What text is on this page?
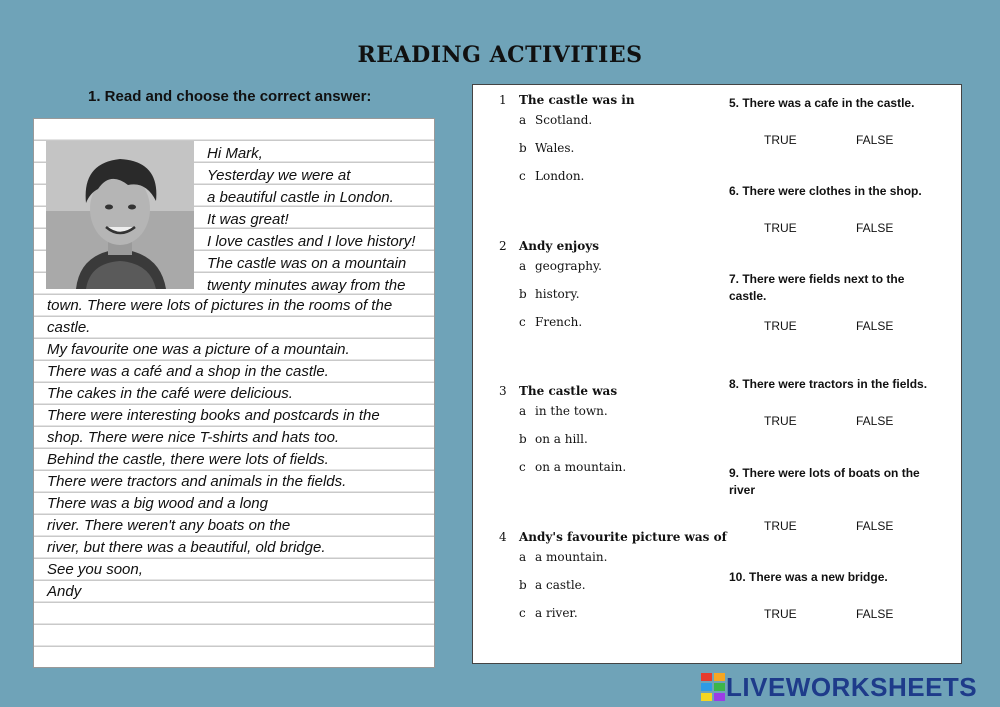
READING ACTIVITIES
1. Read and choose the correct answer:
Hi Mark,
Yesterday we were at
a beautiful castle in London.
It was great!
I love castles and I love history!
The castle was on a mountain
twenty minutes away from the
town. There were lots of pictures in the rooms of the
castle.
My favourite one was a picture of a mountain.
There was a café and a shop in the castle.
The cakes in the café were delicious.
There were interesting books and postcards in the
shop. There were nice T-shirts and hats too.
Behind the castle, there were lots of fields.
There were tractors and animals in the fields.
There was a big wood and a long
river. There weren't any boats on the
river, but there was a beautiful, old bridge.
See you soon,
Andy
1 The castle was in
a Scotland.
b Wales.
c London.
2 Andy enjoys
a geography.
b history.
c French.
3 The castle was
a in the town.
b on a hill.
c on a mountain.
4 Andy's favourite picture was of
a a mountain.
b a castle.
c a river.
5. There was a cafe in the castle.
TRUE	FALSE
6. There were clothes in the shop.
TRUE	FALSE
7. There were fields next to the castle.
TRUE	FALSE
8. There were tractors in the fields.
TRUE	FALSE
9. There were lots of boats on the river
TRUE	FALSE
10. There was a new bridge.
TRUE	FALSE
LIVEWORKSHEETS
